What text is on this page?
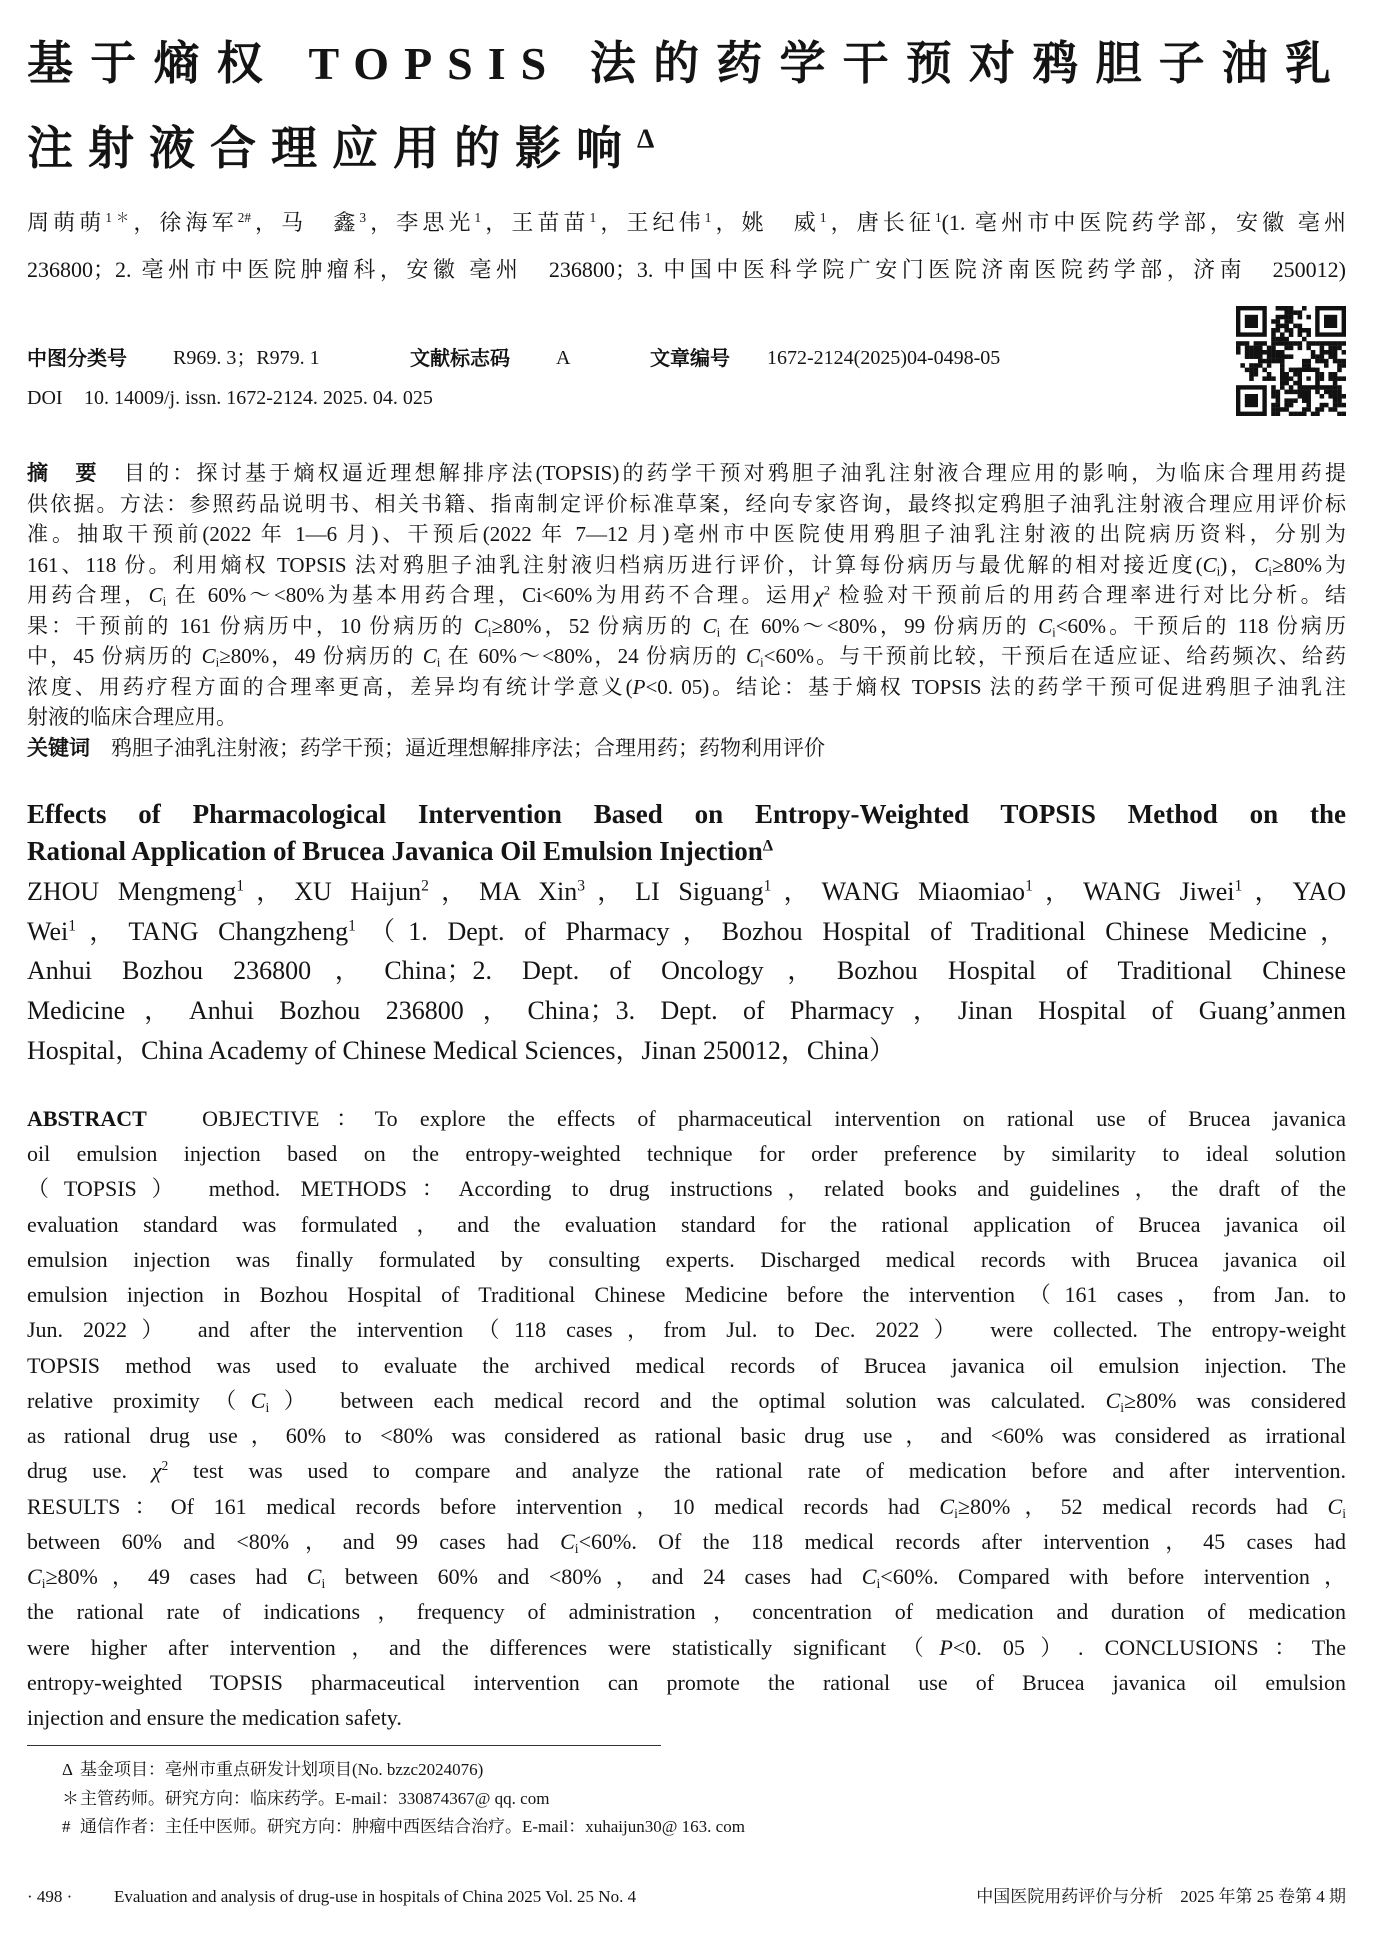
基于熵权 TOPSIS 法的药学干预对鸦胆子油乳
注射液合理应用的影响$^\Delta$
周萌萌$^{1*}$，徐海军$^{2\#}$，马　鑫$^3$，李思光$^1$，王苗苗$^1$，王纪伟$^1$，姚　威$^1$，唐长征$^1$(1. 亳州市中医院药学部，安徽 亳州
236800；2. 亳州市中医院肿瘤科，安徽 亳州　236800；3. 中国中医科学院广安门医院济南医院药学部，济南　250012)
中图分类号 R969. 3；R979. 1	文献标志码 A	文章编号 1672-2124(2025)04-0498-05
DOI 10. 14009/j. issn. 1672-2124. 2025. 04. 025
摘　要　目的：探讨基于熵权逼近理想解排序法(TOPSIS)的药学干预对鸦胆子油乳注射液合理应用的影响，为临床合理用药提
供依据。方法：参照药品说明书、相关书籍、指南制定评价标准草案，经向专家咨询，最终拟定鸦胆子油乳注射液合理应用评价标
准。抽取干预前(2022 年 1—6 月)、干预后(2022 年 7—12 月)亳州市中医院使用鸦胆子油乳注射液的出院病历资料，分别为
161、118 份。利用熵权 TOPSIS 法对鸦胆子油乳注射液归档病历进行评价，计算每份病历与最优解的相对接近度(Ci)，Ci≥80%为
用药合理，Ci 在 60%～<80%为基本用药合理，Ci<60%为用药不合理。运用$\chi^2$ 检验对干预前后的用药合理率进行对比分析。结
果：干预前的 161 份病历中，10 份病历的 Ci≥80%，52 份病历的 Ci 在 60%～<80%，99 份病历的 Ci<60%。干预后的 118 份病历
中，45 份病历的 Ci≥80%，49 份病历的 Ci 在 60%～<80%，24 份病历的 Ci<60%。与干预前比较，干预后在适应证、给药频次、给药
浓度、用药疗程方面的合理率更高，差异均有统计学意义(P<0. 05)。结论：基于熵权 TOPSIS 法的药学干预可促进鸦胆子油乳注
射液的临床合理应用。
关键词　鸦胆子油乳注射液；药学干预；逼近理想解排序法；合理用药；药物利用评价
Effects of Pharmacological Intervention Based on Entropy-Weighted TOPSIS Method on the
Rational Application of Brucea Javanica Oil Emulsion Injection$^\Delta$
ZHOU Mengmeng$^1$，XU Haijun$^2$，MA Xin$^3$，LI Siguang$^1$，WANG Miaomiao$^1$，WANG Jiwei$^1$，YAO
Wei$^1$，TANG Changzheng$^1$（1. Dept. of Pharmacy，Bozhou Hospital of Traditional Chinese Medicine，
Anhui Bozhou 236800，China；2. Dept. of Oncology，Bozhou Hospital of Traditional Chinese
Medicine，Anhui Bozhou 236800，China；3. Dept. of Pharmacy，Jinan Hospital of Guang’anmen
Hospital，China Academy of Chinese Medical Sciences，Jinan 250012，China）
ABSTRACT　OBJECTIVE：To explore the effects of pharmaceutical intervention on rational use of Brucea javanica
oil emulsion injection based on the entropy-weighted technique for order preference by similarity to ideal solution
（TOPSIS） method. METHODS：According to drug instructions，related books and guidelines，the draft of the
evaluation standard was formulated，and the evaluation standard for the rational application of Brucea javanica oil
emulsion injection was finally formulated by consulting experts. Discharged medical records with Brucea javanica oil
emulsion injection in Bozhou Hospital of Traditional Chinese Medicine before the intervention（161 cases，from Jan. to
Jun. 2022） and after the intervention（118 cases，from Jul. to Dec. 2022） were collected. The entropy-weight
TOPSIS method was used to evaluate the archived medical records of Brucea javanica oil emulsion injection. The
relative proximity（Ci） between each medical record and the optimal solution was calculated. Ci≥80% was considered
as rational drug use，60% to <80% was considered as rational basic drug use，and <60% was considered as irrational
drug use. $\chi^2$ test was used to compare and analyze the rational rate of medication before and after intervention.
RESULTS：Of 161 medical records before intervention，10 medical records had Ci≥80%，52 medical records had Ci
between 60% and <80%，and 99 cases had Ci<60%. Of the 118 medical records after intervention，45 cases had
Ci≥80%，49 cases had Ci between 60% and <80%，and 24 cases had Ci<60%. Compared with before intervention，
the rational rate of indications，frequency of administration，concentration of medication and duration of medication
were higher after intervention，and the differences were statistically significant（P<0. 05）. CONCLUSIONS：The
entropy-weighted TOPSIS pharmaceutical intervention can promote the rational use of Brucea javanica oil emulsion
injection and ensure the medication safety.
Δ 基金项目：亳州市重点研发计划项目(No. bzzc2024076)
＊主管药师。研究方向：临床药学。E-mail：330874367@ qq. com
# 通信作者：主任中医师。研究方向：肿瘤中西医结合治疗。E-mail：xuhaijun30@ 163. com
· 498 · Evaluation and analysis of drug-use in hospitals of China 2025 Vol. 25 No. 4	中国医院用药评价与分析　2025 年第 25 卷第 4 期
